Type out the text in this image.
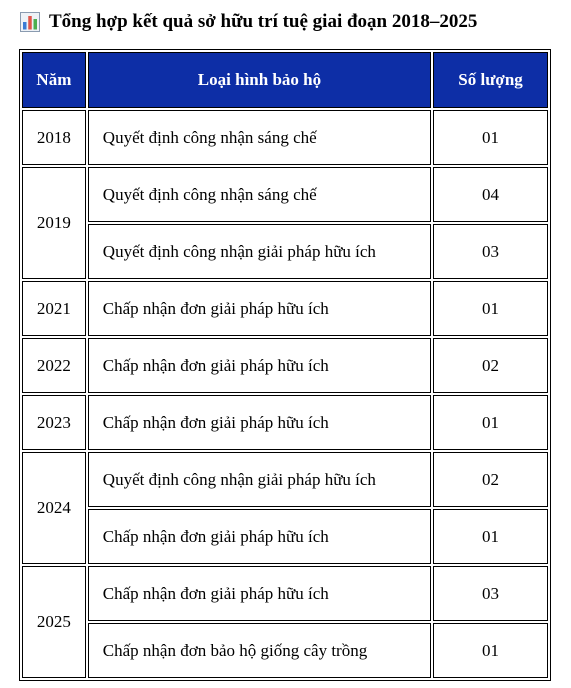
Tổng hợp kết quả sở hữu trí tuệ giai đoạn 2018–2025
Năm	Loại hình bảo hộ	Số lượng
2018	Quyết định công nhận sáng chế	01
2019	Quyết định công nhận sáng chế	04
	Quyết định công nhận giải pháp hữu ích	03
2021	Chấp nhận đơn giải pháp hữu ích	01
2022	Chấp nhận đơn giải pháp hữu ích	02
2023	Chấp nhận đơn giải pháp hữu ích	01
2024	Quyết định công nhận giải pháp hữu ích	02
	Chấp nhận đơn giải pháp hữu ích	01
2025	Chấp nhận đơn giải pháp hữu ích	03
	Chấp nhận đơn bảo hộ giống cây trồng	01
